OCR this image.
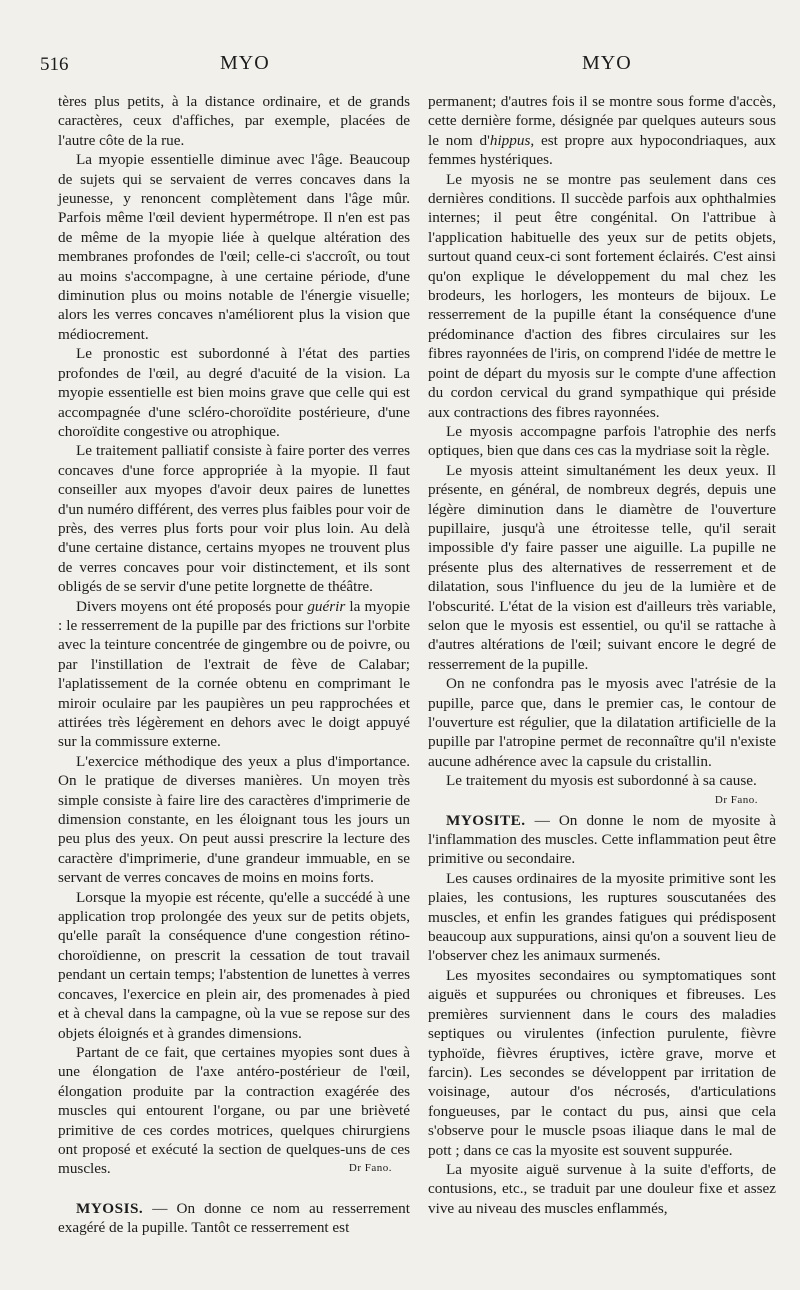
516	MYO	MYO

tères plus petits, à la distance ordinaire, et de grands caractères, ceux d'affiches, par exemple, placées de l'autre côte de la rue.

La myopie essentielle diminue avec l'âge. Beaucoup de sujets qui se servaient de verres concaves dans la jeunesse, y renoncent complètement dans l'âge mûr. Parfois même l'œil devient hypermétrope. Il n'en est pas de même de la myopie liée à quelque altération des membranes profondes de l'œil; celle-ci s'accroît, ou tout au moins s'accompagne, à une certaine période, d'une diminution plus ou moins notable de l'énergie visuelle; alors les verres concaves n'améliorent plus la vision que médiocrement.

Le pronostic est subordonné à l'état des parties profondes de l'œil, au degré d'acuité de la vision. La myopie essentielle est bien moins grave que celle qui est accompagnée d'une scléro-choroïdite postérieure, d'une choroïdite congestive ou atrophique.

Le traitement palliatif consiste à faire porter des verres concaves d'une force appropriée à la myopie. Il faut conseiller aux myopes d'avoir deux paires de lunettes d'un numéro différent, des verres plus faibles pour voir de près, des verres plus forts pour voir plus loin. Au delà d'une certaine distance, certains myopes ne trouvent plus de verres concaves pour voir distinctement, et ils sont obligés de se servir d'une petite lorgnette de théâtre.

Divers moyens ont été proposés pour guérir la myopie : le resserrement de la pupille par des frictions sur l'orbite avec la teinture concentrée de gingembre ou de poivre, ou par l'instillation de l'extrait de fève de Calabar; l'aplatissement de la cornée obtenu en comprimant le miroir oculaire par les paupières un peu rapprochées et attirées très légèrement en dehors avec le doigt appuyé sur la commissure externe.

L'exercice méthodique des yeux a plus d'importance. On le pratique de diverses manières. Un moyen très simple consiste à faire lire des caractères d'imprimerie de dimension constante, en les éloignant tous les jours un peu plus des yeux. On peut aussi prescrire la lecture des caractère d'imprimerie, d'une grandeur immuable, en se servant de verres concaves de moins en moins forts.

Lorsque la myopie est récente, qu'elle a succédé à une application trop prolongée des yeux sur de petits objets, qu'elle paraît la conséquence d'une congestion rétino-choroïdienne, on prescrit la cessation de tout travail pendant un certain temps; l'abstention de lunettes à verres concaves, l'exercice en plein air, des promenades à pied et à cheval dans la campagne, où la vue se repose sur des objets éloignés et à grandes dimensions.

Partant de ce fait, que certaines myopies sont dues à une élongation de l'axe antéro-postérieur de l'œil, élongation produite par la contraction exagérée des muscles qui entourent l'organe, ou par une brièveté primitive de ces cordes motrices, quelques chirurgiens ont proposé et exécuté la section de quelques-uns de ces muscles.	Dr Fano.

MYOSIS. — On donne ce nom au resserrement exagéré de la pupille. Tantôt ce resserrement est

permanent; d'autres fois il se montre sous forme d'accès, cette dernière forme, désignée par quelques auteurs sous le nom d'hippus, est propre aux hypocondriaques, aux femmes hystériques.

Le myosis ne se montre pas seulement dans ces dernières conditions. Il succède parfois aux ophthalmies internes; il peut être congénital. On l'attribue à l'application habituelle des yeux sur de petits objets, surtout quand ceux-ci sont fortement éclairés. C'est ainsi qu'on explique le développement du mal chez les brodeurs, les horlogers, les monteurs de bijoux. Le resserrement de la pupille étant la conséquence d'une prédominance d'action des fibres circulaires sur les fibres rayonnées de l'iris, on comprend l'idée de mettre le point de départ du myosis sur le compte d'une affection du cordon cervical du grand sympathique qui préside aux contractions des fibres rayonnées.

Le myosis accompagne parfois l'atrophie des nerfs optiques, bien que dans ces cas la mydriase soit la règle.

Le myosis atteint simultanément les deux yeux. Il présente, en général, de nombreux degrés, depuis une légère diminution dans le diamètre de l'ouverture pupillaire, jusqu'à une étroitesse telle, qu'il serait impossible d'y faire passer une aiguille. La pupille ne présente plus des alternatives de resserrement et de dilatation, sous l'influence du jeu de la lumière et de l'obscurité. L'état de la vision est d'ailleurs très variable, selon que le myosis est essentiel, ou qu'il se rattache à d'autres altérations de l'œil; suivant encore le degré de resserrement de la pupille.

On ne confondra pas le myosis avec l'atrésie de la pupille, parce que, dans le premier cas, le contour de l'ouverture est régulier, que la dilatation artificielle de la pupille par l'atropine permet de reconnaître qu'il n'existe aucune adhérence avec la capsule du cristallin.

Le traitement du myosis est subordonné à sa cause.
Dr Fano.

MYOSITE. — On donne le nom de myosite à l'inflammation des muscles. Cette inflammation peut être primitive ou secondaire.

Les causes ordinaires de la myosite primitive sont les plaies, les contusions, les ruptures souscutanées des muscles, et enfin les grandes fatigues qui prédisposent beaucoup aux suppurations, ainsi qu'on a souvent lieu de l'observer chez les animaux surmenés.

Les myosites secondaires ou symptomatiques sont aiguës et suppurées ou chroniques et fibreuses. Les premières surviennent dans le cours des maladies septiques ou virulentes (infection purulente, fièvre typhoïde, fièvres éruptives, ictère grave, morve et farcin). Les secondes se développent par irritation de voisinage, autour d'os nécrosés, d'articulations fongueuses, par le contact du pus, ainsi que cela s'observe pour le muscle psoas iliaque dans le mal de pott ; dans ce cas la myosite est souvent suppurée.

La myosite aiguë survenue à la suite d'efforts, de contusions, etc., se traduit par une douleur fixe et assez vive au niveau des muscles enflammés,
